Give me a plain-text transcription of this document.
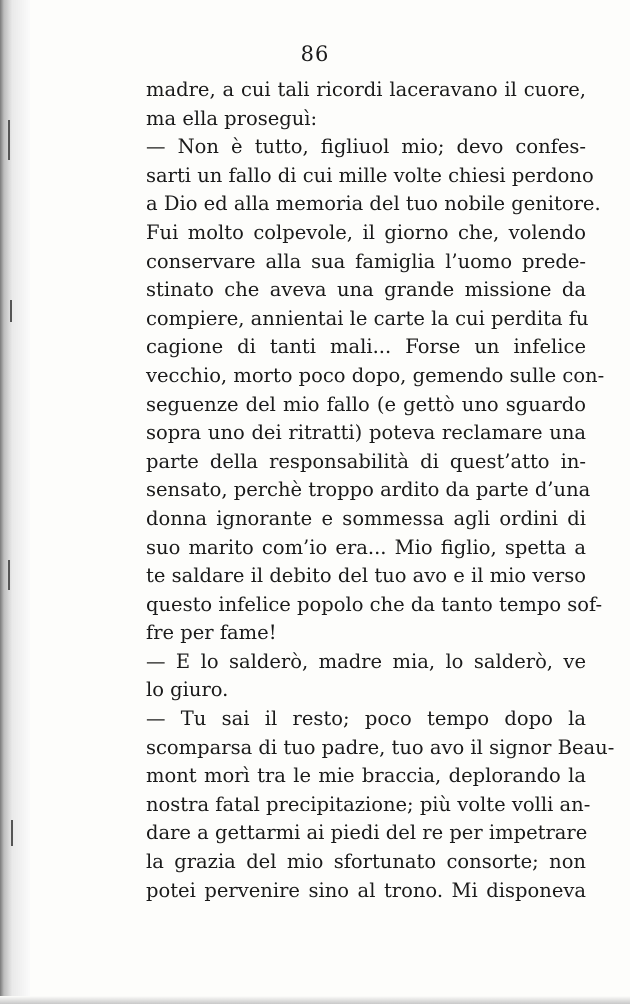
86
madre, a cui tali ricordi laceravano il cuore,
ma ella proseguì:
— Non è tutto, figliuol mio; devo confes-
sarti un fallo di cui mille volte chiesi perdono
a Dio ed alla memoria del tuo nobile genitore.
Fui molto colpevole, il giorno che, volendo
conservare alla sua famiglia l’uomo prede-
stinato che aveva una grande missione da
compiere, annientai le carte la cui perdita fu
cagione di tanti mali... Forse un infelice
vecchio, morto poco dopo, gemendo sulle con-
seguenze del mio fallo (e gettò uno sguardo
sopra uno dei ritratti) poteva reclamare una
parte della responsabilità di quest’atto in-
sensato, perchè troppo ardito da parte d’una
donna ignorante e sommessa agli ordini di
suo marito com’io era... Mio figlio, spetta a
te saldare il debito del tuo avo e il mio verso
questo infelice popolo che da tanto tempo sof-
fre per fame!
— E lo salderò, madre mia, lo salderò, ve
lo giuro.
— Tu sai il resto; poco tempo dopo la
scomparsa di tuo padre, tuo avo il signor Beau-
mont morì tra le mie braccia, deplorando la
nostra fatal precipitazione; più volte volli an-
dare a gettarmi ai piedi del re per impetrare
la grazia del mio sfortunato consorte; non
potei pervenire sino al trono. Mi disponeva
